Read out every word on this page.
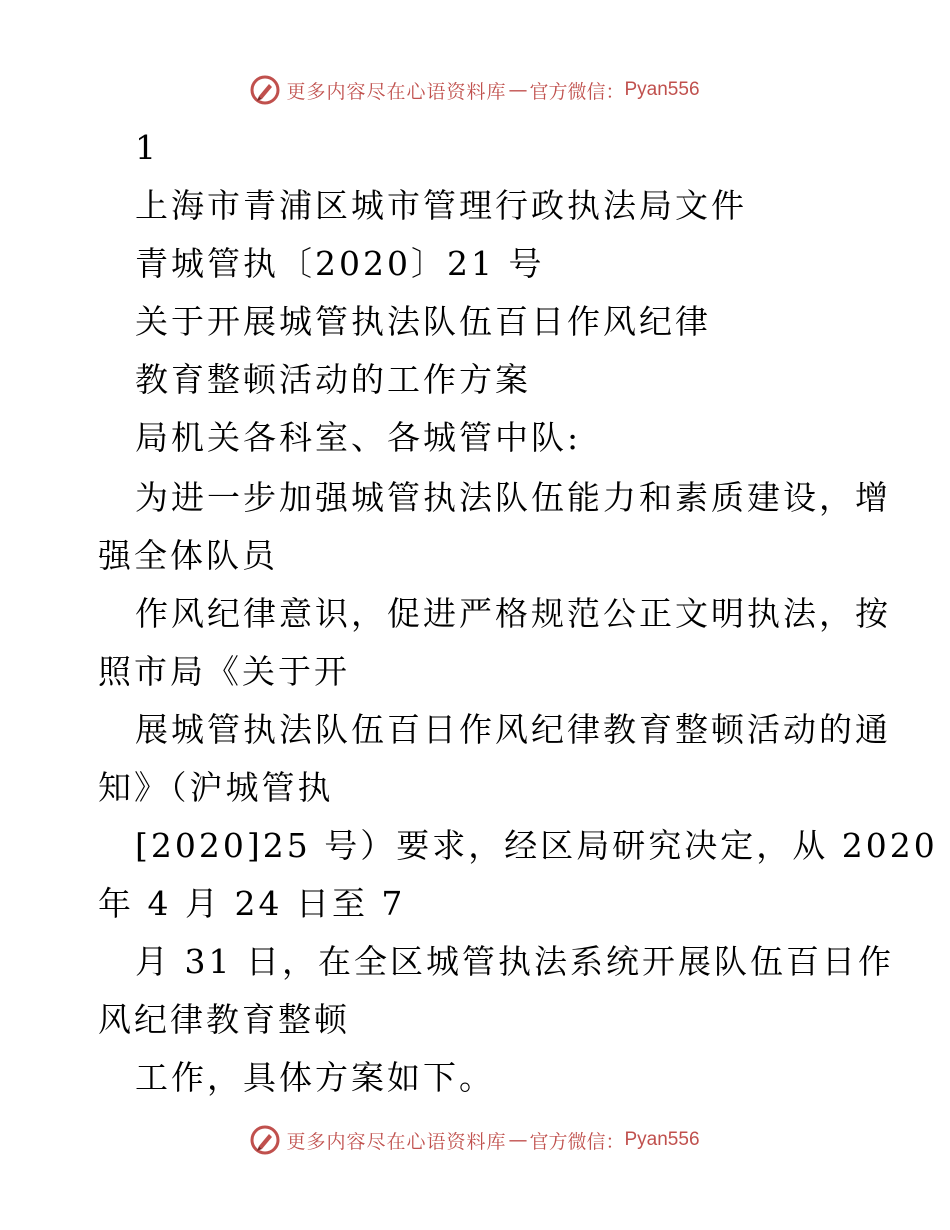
更多内容尽在心语资料库 — 官方微信： Pyan556
1
上海市青浦区城市管理行政执法局文件
青城管执〔2020〕21 号
关于开展城管执法队伍百日作风纪律
教育整顿活动的工作方案
局机关各科室、各城管中队:
为进一步加强城管执法队伍能力和素质建设，增
强全体队员
作风纪律意识，促进严格规范公正文明执法，按
照市局《关于开
展城管执法队伍百日作风纪律教育整顿活动的通
知》（沪城管执
[2020]25 号）要求，经区局研究决定，从 2020
年 4 月 24 日至 7
月 31 日，在全区城管执法系统开展队伍百日作
风纪律教育整顿
工作，具体方案如下。
更多内容尽在心语资料库 — 官方微信： Pyan556
